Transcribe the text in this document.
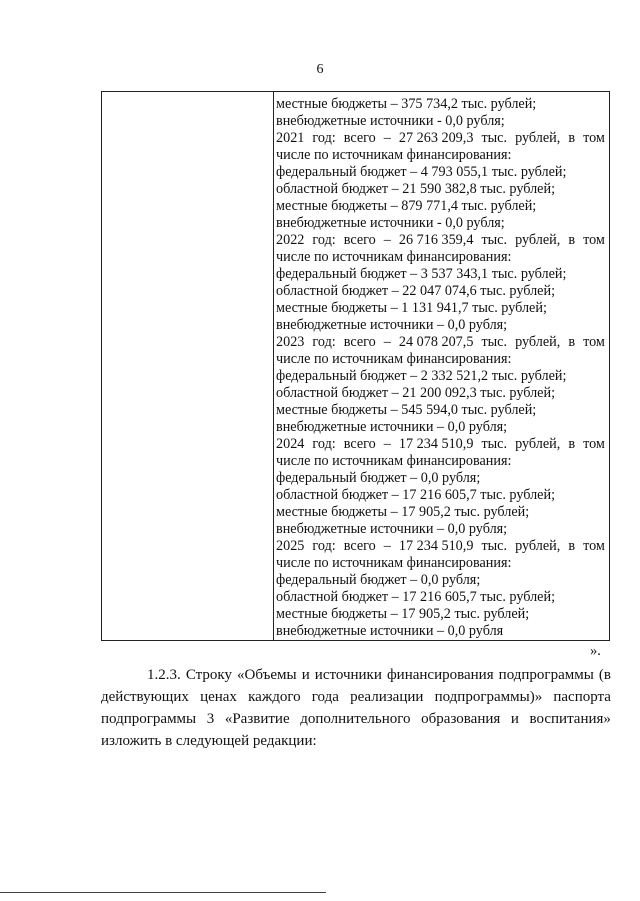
6
местные бюджеты – 375 734,2 тыс. рублей;
внебюджетные источники - 0,0 рубля;
2021 год: всего – 27 263 209,3 тыс. рублей, в том
числе по источникам финансирования:
федеральный бюджет – 4 793 055,1 тыс. рублей;
областной бюджет – 21 590 382,8 тыс. рублей;
местные бюджеты – 879 771,4 тыс. рублей;
внебюджетные источники - 0,0 рубля;
2022 год: всего – 26 716 359,4 тыс. рублей, в том
числе по источникам финансирования:
федеральный бюджет – 3 537 343,1 тыс. рублей;
областной бюджет – 22 047 074,6 тыс. рублей;
местные бюджеты – 1 131 941,7 тыс. рублей;
внебюджетные источники – 0,0 рубля;
2023 год: всего – 24 078 207,5 тыс. рублей, в том
числе по источникам финансирования:
федеральный бюджет – 2 332 521,2 тыс. рублей;
областной бюджет – 21 200 092,3 тыс. рублей;
местные бюджеты – 545 594,0 тыс. рублей;
внебюджетные источники – 0,0 рубля;
2024 год: всего – 17 234 510,9 тыс. рублей, в том
числе по источникам финансирования:
федеральный бюджет – 0,0 рубля;
областной бюджет – 17 216 605,7 тыс. рублей;
местные бюджеты – 17 905,2 тыс. рублей;
внебюджетные источники – 0,0 рубля;
2025 год: всего – 17 234 510,9 тыс. рублей, в том
числе по источникам финансирования:
федеральный бюджет – 0,0 рубля;
областной бюджет – 17 216 605,7 тыс. рублей;
местные бюджеты – 17 905,2 тыс. рублей;
внебюджетные источники – 0,0 рубля
».
1.2.3. Строку «Объемы и источники финансирования подпрограммы (в
действующих ценах каждого года реализации подпрограммы)» паспорта
подпрограммы 3 «Развитие дополнительного образования и воспитания»
изложить в следующей редакции:
